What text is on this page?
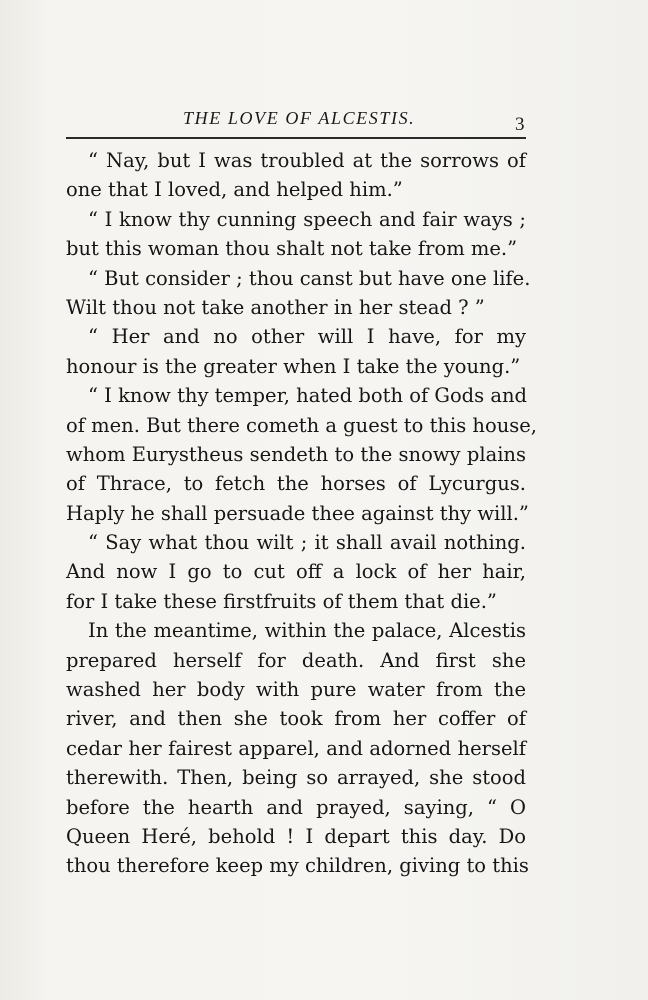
THE LOVE OF ALCESTIS.	3

“ Nay, but I was troubled at the sorrows of
one that I loved, and helped him.”

“ I know thy cunning speech and fair ways ;
but this woman thou shalt not take from me.”

“ But consider ; thou canst but have one life.
Wilt thou not take another in her stead ? ”

“ Her and no other will I have, for my
honour is the greater when I take the young.”

“ I know thy temper, hated both of Gods and
of men. But there cometh a guest to this house,
whom Eurystheus sendeth to the snowy plains
of Thrace, to fetch the horses of Lycurgus.
Haply he shall persuade thee against thy will.”

“ Say what thou wilt ; it shall avail nothing.
And now I go to cut off a lock of her hair,
for I take these firstfruits of them that die.”

In the meantime, within the palace, Alcestis
prepared herself for death. And first she
washed her body with pure water from the
river, and then she took from her coffer of
cedar her fairest apparel, and adorned herself
therewith. Then, being so arrayed, she stood
before the hearth and prayed, saying, “ O
Queen Heré, behold ! I depart this day. Do
thou therefore keep my children, giving to this
